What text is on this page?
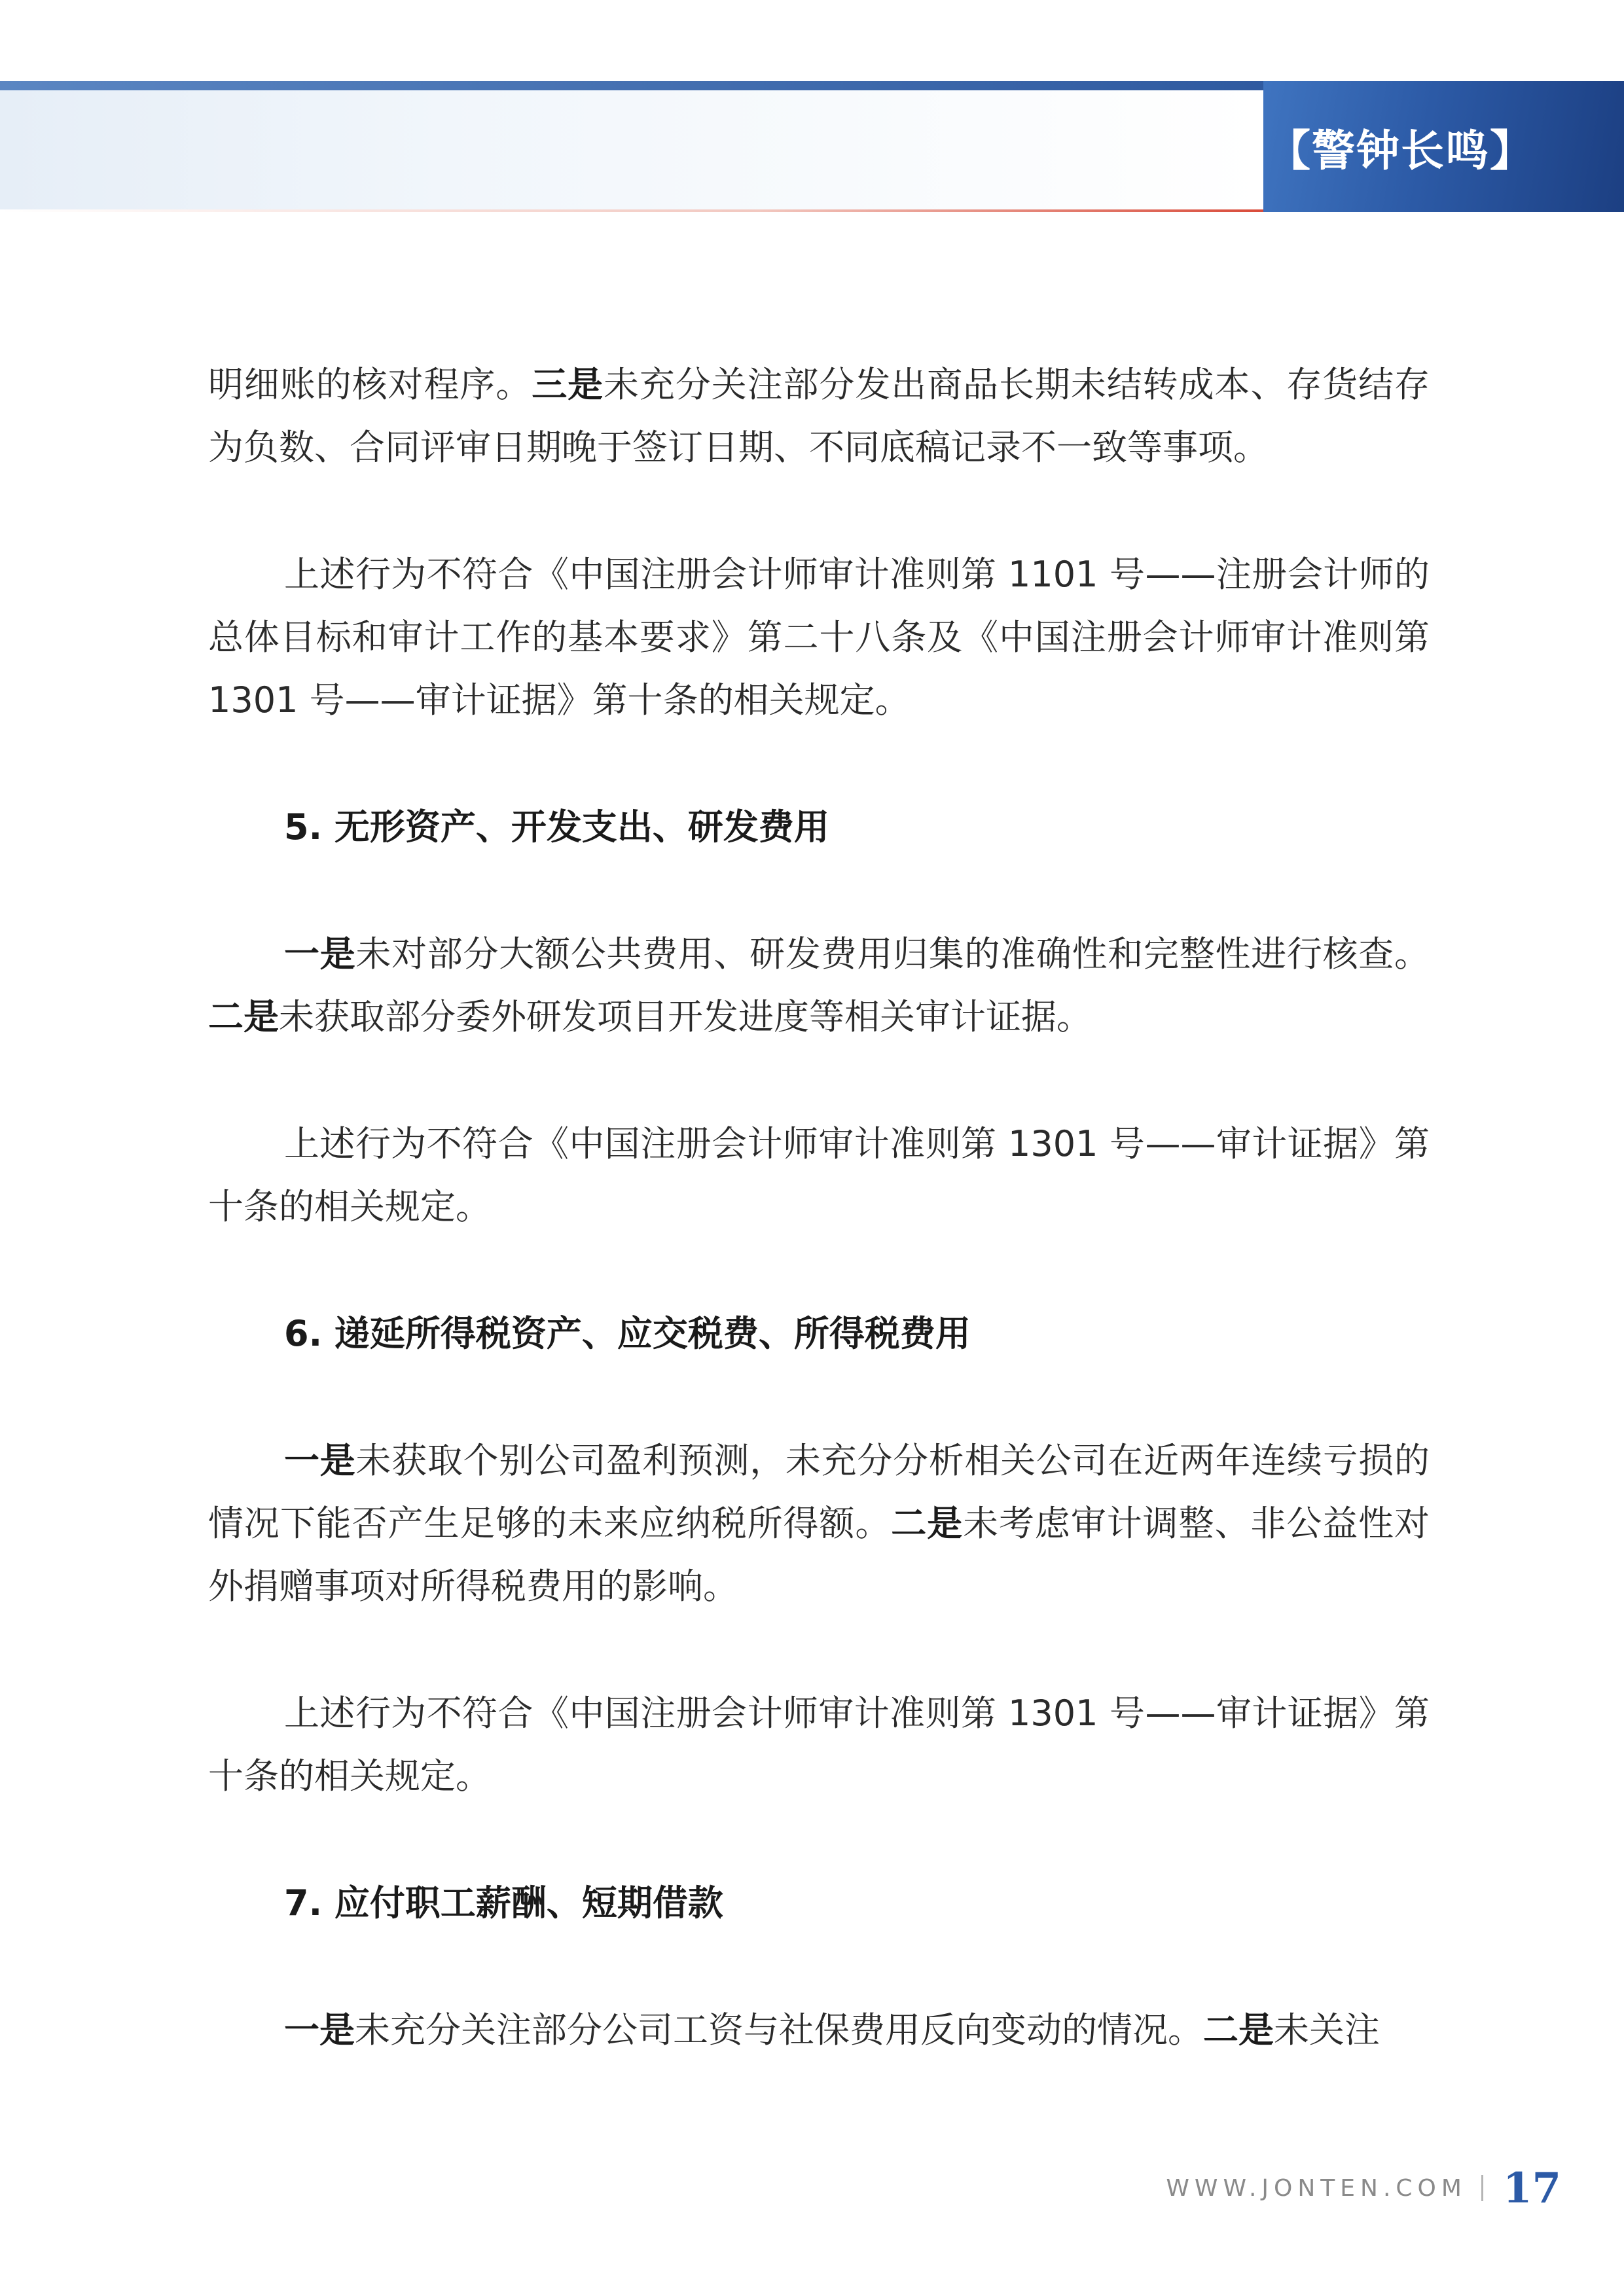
【警钟长鸣】

明细账的核对程序。三是未充分关注部分发出商品长期未结转成本、存货结存为负数、合同评审日期晚于签订日期、不同底稿记录不一致等事项。

上述行为不符合《中国注册会计师审计准则第 1101 号——注册会计师的总体目标和审计工作的基本要求》第二十八条及《中国注册会计师审计准则第 1301 号——审计证据》第十条的相关规定。

5. 无形资产、开发支出、研发费用

一是未对部分大额公共费用、研发费用归集的准确性和完整性进行核查。二是未获取部分委外研发项目开发进度等相关审计证据。

上述行为不符合《中国注册会计师审计准则第 1301 号——审计证据》第十条的相关规定。

6. 递延所得税资产、应交税费、所得税费用

一是未获取个别公司盈利预测，未充分分析相关公司在近两年连续亏损的情况下能否产生足够的未来应纳税所得额。二是未考虑审计调整、非公益性对外捐赠事项对所得税费用的影响。

上述行为不符合《中国注册会计师审计准则第 1301 号——审计证据》第十条的相关规定。

7. 应付职工薪酬、短期借款

一是未充分关注部分公司工资与社保费用反向变动的情况。二是未关注

WWW.JONTEN.COM 17
